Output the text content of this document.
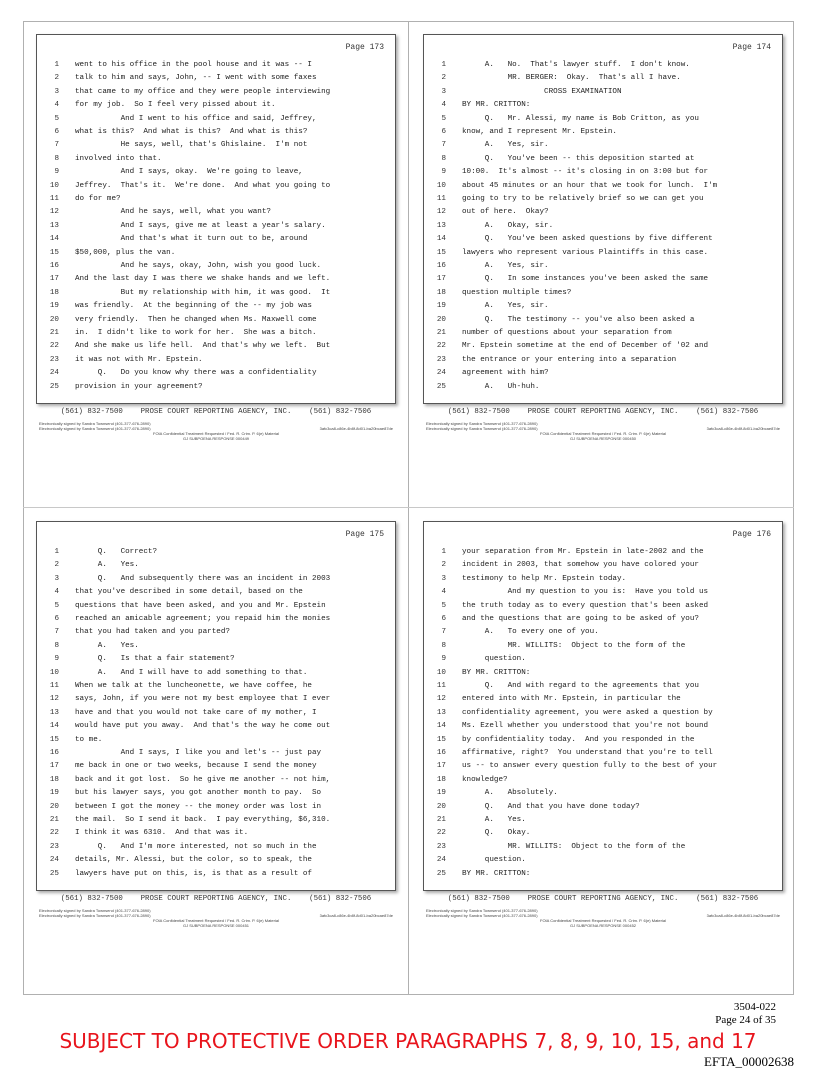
Page 173
1 went to his office in the pool house and it was -- I
2 talk to him and says, John, -- I went with some faxes
3 that came to my office and they were people interviewing
4 for my job.  So I feel very pissed about it.
5 And I went to his office and said, Jeffrey,
6 what is this?  And what is this?  And what is this?
7 He says, well, that's Ghislaine.  I'm not
8 involved into that.
9 And I says, okay.  We're going to leave,
10 Jeffrey.  That's it.  We're done.  And what you going to
11 do for me?
12 And he says, well, what you want?
13 And I says, give me at least a year's salary.
14 And that's what it turn out to be, around
15 $50,000, plus the van.
16 And he says, okay, John, wish you good luck.
17 And the last day I was there we shake hands and we left.
18 But my relationship with him, it was good.  It
19 was friendly.  At the beginning of the -- my job was
20 very friendly.  Then he changed when Ms. Maxwell come
21 in.  I didn't like to work for her.  She was a bitch.
22 And she make us life hell.  And that's why we left.  But
23 it was not with Mr. Epstein.
24 Q.   Do you know why there was a confidentiality
25 provision in your agreement?
(561) 832-7500    PROSE COURT REPORTING AGENCY, INC.    (561) 832-7506
Electronically signed by Sandra Townsend (401-377-676-2890)
Electronically signed by Sandra Townsend (401-377-676-2890)	3afc3ca8-c86e-4b8f-8d01-ba20bcae87de
FOIA Confidential Treatment Requested / Fed. R. Crim. P. 6(e) Material
GJ SUBPOENA RESPONSE 000449
Page 174
1 A.   No.  That's lawyer stuff.  I don't know.
2 MR. BERGER:  Okay.  That's all I have.
3 CROSS EXAMINATION
4 BY MR. CRITTON:
5 Q.   Mr. Alessi, my name is Bob Critton, as you
6 know, and I represent Mr. Epstein.
7 A.   Yes, sir.
8 Q.   You've been -- this deposition started at
9 10:00.  It's almost -- it's closing in on 3:00 but for
10 about 45 minutes or an hour that we took for lunch.  I'm
11 going to try to be relatively brief so we can get you
12 out of here.  Okay?
13 A.   Okay, sir.
14 Q.   You've been asked questions by five different
15 lawyers who represent various Plaintiffs in this case.
16 A.   Yes, sir.
17 Q.   In some instances you've been asked the same
18 question multiple times?
19 A.   Yes, sir.
20 Q.   The testimony -- you've also been asked a
21 number of questions about your separation from
22 Mr. Epstein sometime at the end of December of '02 and
23 the entrance or your entering into a separation
24 agreement with him?
25 A.   Uh-huh.
(561) 832-7500    PROSE COURT REPORTING AGENCY, INC.    (561) 832-7506
Electronically signed by Sandra Townsend (401-377-676-2890)
Electronically signed by Sandra Townsend (401-377-676-2890)	3afc3ca8-c86e-4b8f-8d01-ba20bcae87de
FOIA Confidential Treatment Requested / Fed. R. Crim. P. 6(e) Material
GJ SUBPOENA RESPONSE 000450
Page 175
1 Q.   Correct?
2 A.   Yes.
3 Q.   And subsequently there was an incident in 2003
4 that you've described in some detail, based on the
5 questions that have been asked, and you and Mr. Epstein
6 reached an amicable agreement; you repaid him the monies
7 that you had taken and you parted?
8 A.   Yes.
9 Q.   Is that a fair statement?
10 A.   And I will have to add something to that.
11 When we talk at the luncheonette, we have coffee, he
12 says, John, if you were not my best employee that I ever
13 have and that you would not take care of my mother, I
14 would have put you away.  And that's the way he come out
15 to me.
16 And I says, I like you and let's -- just pay
17 me back in one or two weeks, because I send the money
18 back and it got lost.  So he give me another -- not him,
19 but his lawyer says, you got another month to pay.  So
20 between I got the money -- the money order was lost in
21 the mail.  So I send it back.  I pay everything, $6,310.
22 I think it was 6310.  And that was it.
23 Q.   And I'm more interested, not so much in the
24 details, Mr. Alessi, but the color, so to speak, the
25 lawyers have put on this, is, is that as a result of
(561) 832-7500    PROSE COURT REPORTING AGENCY, INC.    (561) 832-7506
Electronically signed by Sandra Townsend (401-377-676-2890)
Electronically signed by Sandra Townsend (401-377-676-2890)	3afc3ca8-c86e-4b8f-8d01-ba20bcae87de
FOIA Confidential Treatment Requested / Fed. R. Crim. P. 6(e) Material
GJ SUBPOENA RESPONSE 000451
Page 176
1 your separation from Mr. Epstein in late-2002 and the
2 incident in 2003, that somehow you have colored your
3 testimony to help Mr. Epstein today.
4 And my question to you is:  Have you told us
5 the truth today as to every question that's been asked
6 and the questions that are going to be asked of you?
7 A.   To every one of you.
8 MR. WILLITS:  Object to the form of the
9 question.
10 BY MR. CRITTON:
11 Q.   And with regard to the agreements that you
12 entered into with Mr. Epstein, in particular the
13 confidentiality agreement, you were asked a question by
14 Ms. Ezell whether you understood that you're not bound
15 by confidentiality today.  And you responded in the
16 affirmative, right?  You understand that you're to tell
17 us -- to answer every question fully to the best of your
18 knowledge?
19 A.   Absolutely.
20 Q.   And that you have done today?
21 A.   Yes.
22 Q.   Okay.
23 MR. WILLITS:  Object to the form of the
24 question.
25 BY MR. CRITTON:
(561) 832-7500    PROSE COURT REPORTING AGENCY, INC.    (561) 832-7506
Electronically signed by Sandra Townsend (401-377-676-2890)
Electronically signed by Sandra Townsend (401-377-676-2890)	3afc3ca8-c86e-4b8f-8d01-ba20bcae87de
FOIA Confidential Treatment Requested / Fed. R. Crim. P. 6(e) Material
GJ SUBPOENA RESPONSE 000452
3504-022
Page 24 of 35
SUBJECT TO PROTECTIVE ORDER PARAGRAPHS 7, 8, 9, 10, 15, and 17
EFTA_00002638
